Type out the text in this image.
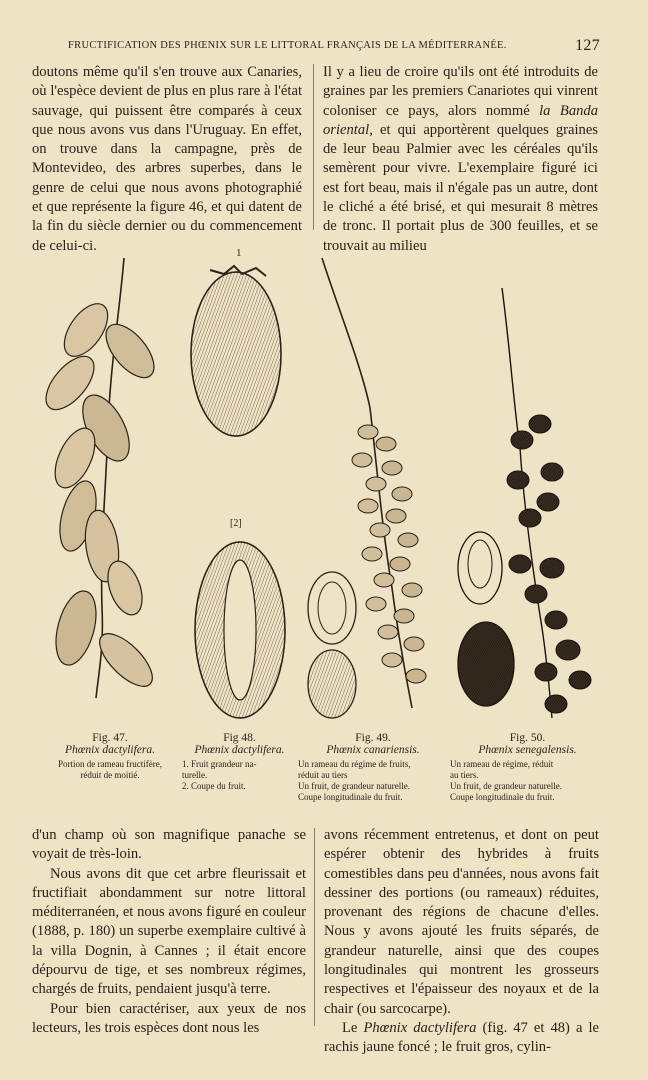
FRUCTIFICATION DES PHŒNIX SUR LE LITTORAL FRANÇAIS DE LA MÉDITERRANÉE.	127

doutons même qu'il s'en trouve aux Canaries, où l'espèce devient de plus en plus rare à l'état sauvage, qui puissent être comparés à ceux que nous avons vus dans l'Uruguay. En effet, on trouve dans la campagne, près de Montevideo, des arbres superbes, dans le genre de celui que nous avons photographié et que représente la figure 46, et qui datent de la fin du siècle dernier ou du commencement de celui-ci.

Il y a lieu de croire qu'ils ont été introduits de graines par les premiers Canariotes qui vinrent coloniser ce pays, alors nommé la Banda oriental, et qui apportèrent quelques graines de leur beau Palmier avec les céréales qu'ils semèrent pour vivre. L'exemplaire figuré ici est fort beau, mais il n'égale pas un autre, dont le cliché a été brisé, et qui mesurait 8 mètres de tronc. Il portait plus de 300 feuilles, et se trouvait au milieu

1
[2]
Fig. 47.
Phœnix dactylifera.
Portion de rameau fructifère,
réduit de moitié.
Fig 48.
Phœnix dactylifera.
1. Fruit grandeur na-
turelle.
2. Coupe du fruit.
Fig. 49.
Phœnix canariensis.
Un rameau du régime de fruits,
réduit au tiers
Un fruit, de grandeur naturelle.
Coupe longitudinale du fruit.
Fig. 50.
Phœnix senegalensis.
Un rameau de régime, réduit
au tiers.
Un fruit, de grandeur naturelle.
Coupe longitudinale du fruit.

d'un champ où son magnifique panache se voyait de très-loin.

Nous avons dit que cet arbre fleurissait et fructifiait abondamment sur notre littoral méditerranéen, et nous avons figuré en couleur (1888, p. 180) un superbe exemplaire cultivé à la villa Dognin, à Cannes ; il était encore dépourvu de tige, et ses nombreux régimes, chargés de fruits, pendaient jusqu'à terre.

Pour bien caractériser, aux yeux de nos lecteurs, les trois espèces dont nous les

avons récemment entretenus, et dont on peut espérer obtenir des hybrides à fruits comestibles dans peu d'années, nous avons fait dessiner des portions (ou rameaux) réduites, provenant des régions de chacune d'elles. Nous y avons ajouté les fruits séparés, de grandeur naturelle, ainsi que des coupes longitudinales qui montrent les grosseurs respectives et l'épaisseur des noyaux et de la chair (ou sarcocarpe).

Le Phœnix dactylifera (fig. 47 et 48) a le rachis jaune foncé ; le fruit gros, cylin-
